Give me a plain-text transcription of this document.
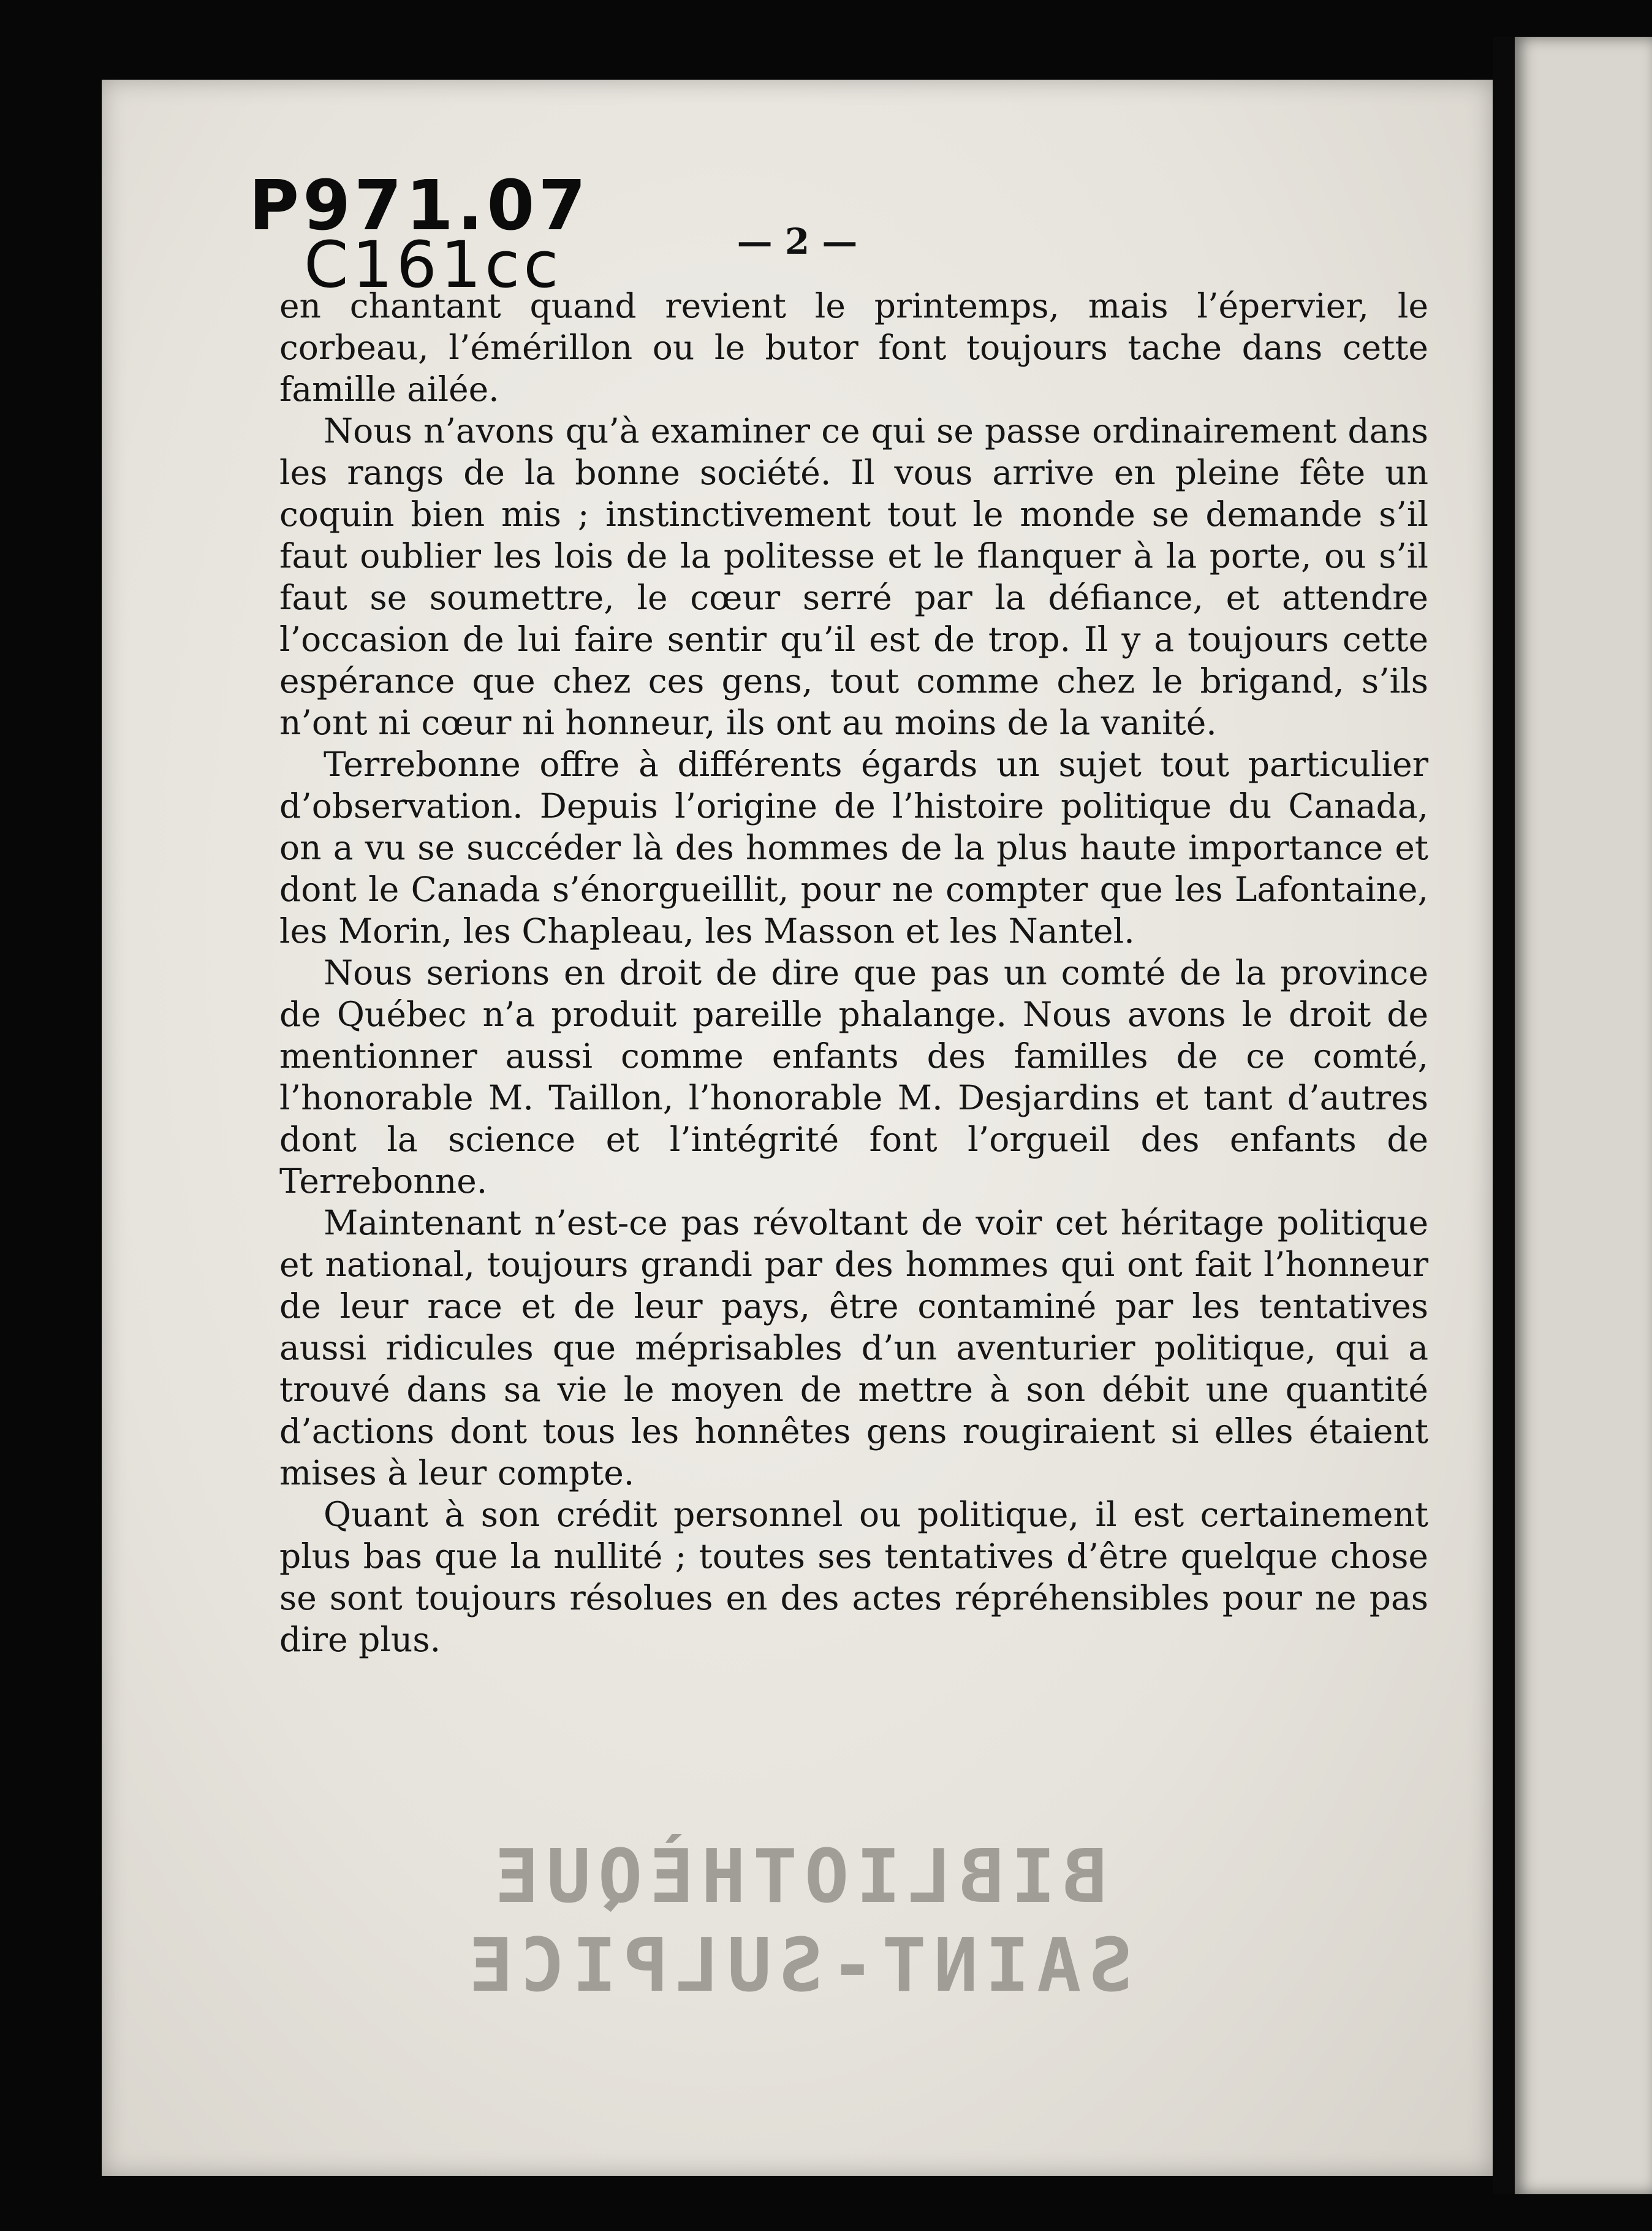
P971.07
C161cc	— 2 —

en chantant quand revient le printemps, mais l’épervier, le corbeau, l’émérillon ou le butor font toujours tache dans cette famille ailée.

Nous n’avons qu’à examiner ce qui se passe ordinairement dans les rangs de la bonne société. Il vous arrive en pleine fête un coquin bien mis ; instinctivement tout le monde se demande s’il faut oublier les lois de la politesse et le flanquer à la porte, ou s’il faut se soumettre, le cœur serré par la défiance, et attendre l’occasion de lui faire sentir qu’il est de trop. Il y a toujours cette espérance que chez ces gens, tout comme chez le brigand, s’ils n’ont ni cœur ni honneur, ils ont au moins de la vanité.

Terrebonne offre à différents égards un sujet tout particulier d’observation. Depuis l’origine de l’histoire politique du Canada, on a vu se succéder là des hommes de la plus haute importance et dont le Canada s’énorgueillit, pour ne compter que les Lafontaine, les Morin, les Chapleau, les Masson et les Nantel.

Nous serions en droit de dire que pas un comté de la province de Québec n’a produit pareille phalange. Nous avons le droit de mentionner aussi comme enfants des familles de ce comté, l’honorable M. Taillon, l’honorable M. Desjardins et tant d’autres dont la science et l’intégrité font l’orgueil des enfants de Terrebonne.

Maintenant n’est-ce pas révoltant de voir cet héritage politique et national, toujours grandi par des hommes qui ont fait l’honneur de leur race et de leur pays, être contaminé par les tentatives aussi ridicules que méprisables d’un aventurier politique, qui a trouvé dans sa vie le moyen de mettre à son débit une quantité d’actions dont tous les honnêtes gens rougiraient si elles étaient mises à leur compte.

Quant à son crédit personnel ou politique, il est certainement plus bas que la nullité ; toutes ses tentatives d’être quelque chose se sont toujours résolues en des actes répréhensibles pour ne pas dire plus.

BIBLIOTHÈQUE
SAINT-SULPICE
